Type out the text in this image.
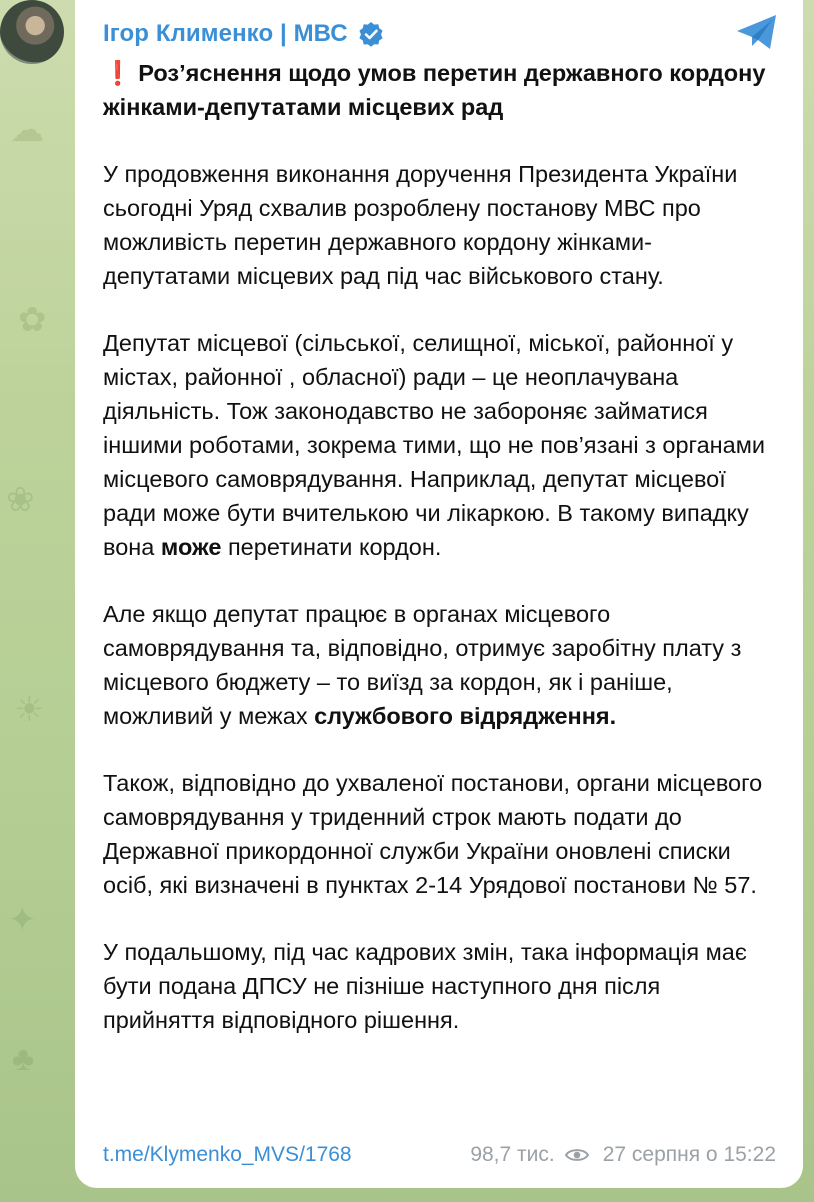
☁
✿
❀
☀
✦
♣
Ігор Клименко | МВС

❗ Роз’яснення щодо умов перетин державного кордону жінками-депутатами місцевих рад

У продовження виконання доручення Президента України сьогодні Уряд схвалив розроблену постанову МВС про можливість перетин державного кордону жінками-депутатами місцевих рад під час військового стану.

Депутат місцевої (сільської, селищної, міської, районної у містах, районної , обласної) ради – це неоплачувана діяльність. Тож законодавство не забороняє займатися іншими роботами, зокрема тими, що не пов’язані з органами місцевого самоврядування. Наприклад, депутат місцевої ради може бути вчителькою чи лікаркою. В такому випадку вона може перетинати кордон.

Але якщо депутат працює в органах місцевого самоврядування та, відповідно, отримує заробітну плату з місцевого бюджету – то виїзд за кордон, як і раніше, можливий у межах службового відрядження.

Також, відповідно до ухваленої постанови, органи місцевого самоврядування у триденний строк мають подати до Державної прикордонної служби України оновлені списки осіб, які визначені в пунктах 2-14 Урядової постанови № 57.

У подальшому, під час кадрових змін, така інформація має бути подана ДПСУ не пізніше наступного дня після прийняття відповідного рішення.

t.me/Klymenko_MVS/1768	98,7 тис. 27 серпня о 15:22
